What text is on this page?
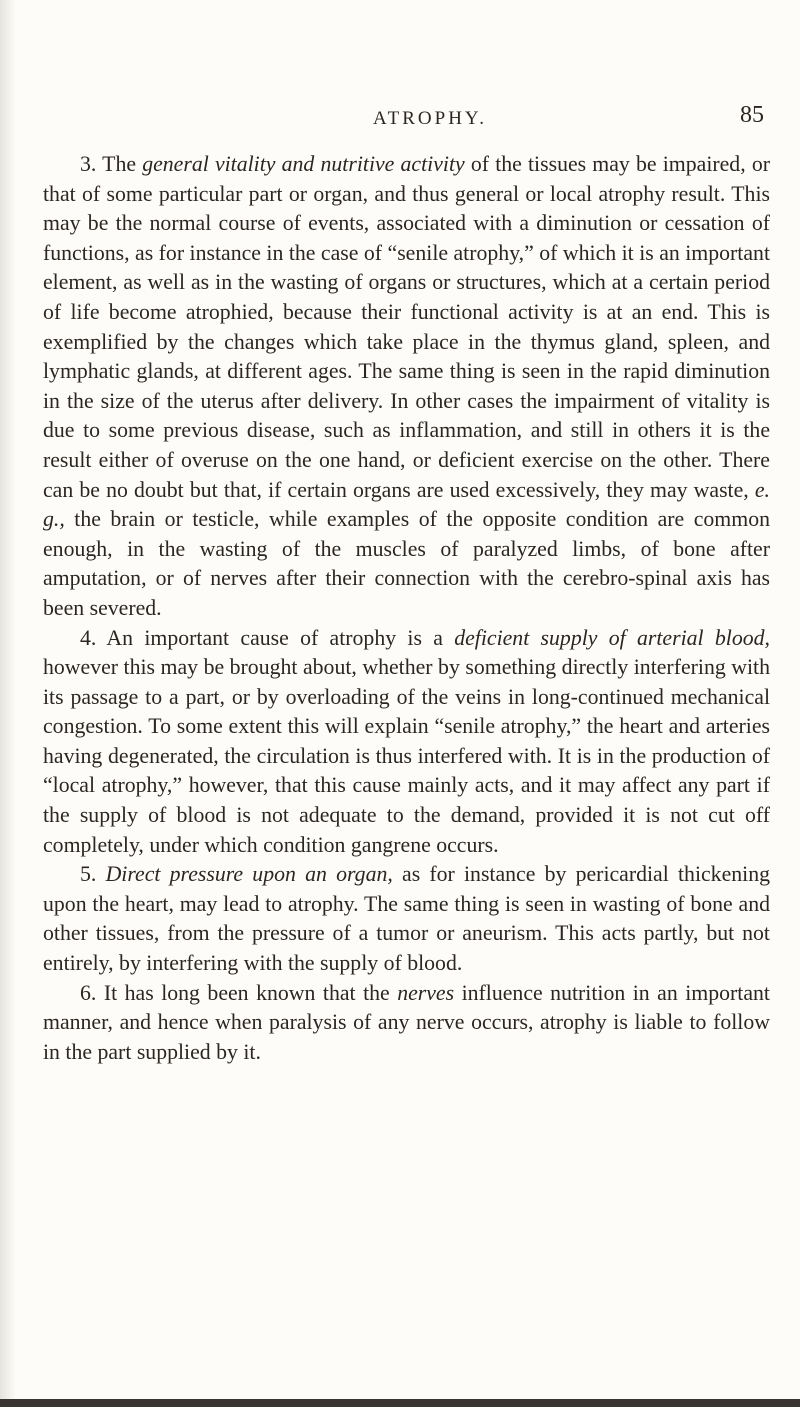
ATROPHY.	85

3. The general vitality and nutritive activity of the tissues may be impaired, or that of some particular part or organ, and thus general or local atrophy result. This may be the normal course of events, associated with a diminution or cessation of functions, as for instance in the case of “senile atrophy,” of which it is an important element, as well as in the wasting of organs or structures, which at a certain period of life become atrophied, because their functional activity is at an end. This is exemplified by the changes which take place in the thymus gland, spleen, and lymphatic glands, at different ages. The same thing is seen in the rapid diminution in the size of the uterus after delivery. In other cases the impairment of vitality is due to some previous disease, such as inflammation, and still in others it is the result either of overuse on the one hand, or deficient exercise on the other. There can be no doubt but that, if certain organs are used excessively, they may waste, e. g., the brain or testicle, while examples of the opposite condition are common enough, in the wasting of the muscles of paralyzed limbs, of bone after amputation, or of nerves after their connection with the cerebro-spinal axis has been severed.

4. An important cause of atrophy is a deficient supply of arterial blood, however this may be brought about, whether by something directly interfering with its passage to a part, or by overloading of the veins in long-continued mechanical congestion. To some extent this will explain “senile atrophy,” the heart and arteries having degenerated, the circulation is thus interfered with. It is in the production of “local atrophy,” however, that this cause mainly acts, and it may affect any part if the supply of blood is not adequate to the demand, provided it is not cut off completely, under which condition gangrene occurs.

5. Direct pressure upon an organ, as for instance by pericardial thickening upon the heart, may lead to atrophy. The same thing is seen in wasting of bone and other tissues, from the pressure of a tumor or aneurism. This acts partly, but not entirely, by interfering with the supply of blood.

6. It has long been known that the nerves influence nutrition in an important manner, and hence when paralysis of any nerve occurs, atrophy is liable to follow in the part supplied by it.
